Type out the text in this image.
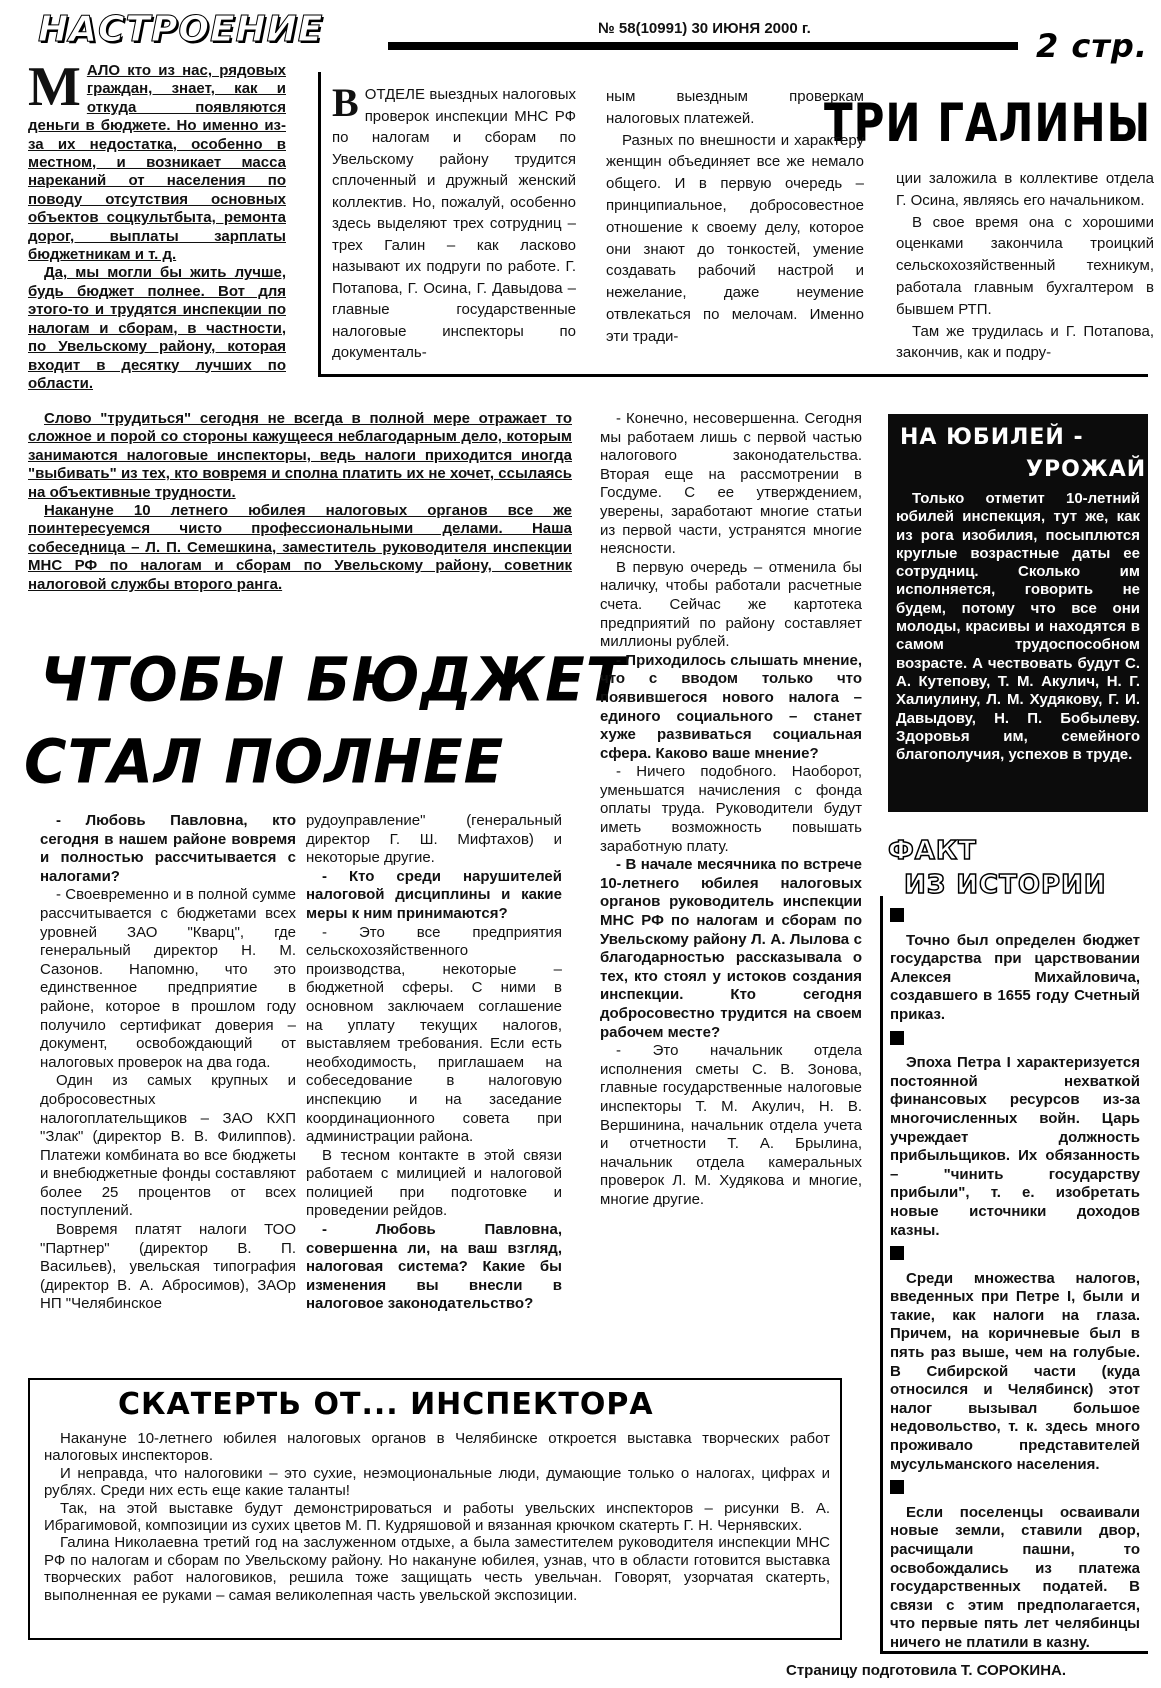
НАСТРОЕНИЕ	№ 58(10991) 30 ИЮНЯ 2000 г.	2 стр.
М АЛО кто из нас, рядовых граждан, знает, как и откуда появляются деньги в бюджете. Но именно из-за их недостатка, особенно в местном, и возникает масса нареканий от населения по поводу отсутствия основных объектов соцкультбыта, ремонта дорог, выплаты зарплаты бюджетникам и т. д.

Да, мы могли бы жить лучше, будь бюджет полнее. Вот для этого-то и трудятся инспекции по налогам и сборам, в частности, по Увельскому району, которая входит в десятку лучших по области.

Слово "трудиться" сегодня не всегда в полной мере отражает то сложное и порой со стороны кажущееся неблагодарным дело, которым занимаются налоговые инспекторы, ведь налоги приходится иногда "выбивать" из тех, кто вовремя и сполна платить их не хочет, ссылаясь на объективные трудности.

Накануне 10 летнего юбилея налоговых органов все же поинтересуемся чисто профессиональными делами. Наша собеседница – Л. П. Семешкина, заместитель руководителя инспекции МНС РФ по налогам и сборам по Увельскому району, советник налоговой службы второго ранга.

ТРИ ГАЛИНЫ
В ОТДЕЛЕ выездных налоговых проверок инспекции МНС РФ по налогам и сборам по Увельскому району трудится сплоченный и дружный женский коллектив. Но, пожалуй, особенно здесь выделяют трех сотрудниц – трех Галин – как ласково называют их подруги по работе. Г. Потапова, Г. Осина, Г. Давыдова – главные государственные налоговые инспекторы по документаль-

ным выездным проверкам налоговых платежей.

Разных по внешности и характеру женщин объединяет все же немало общего. И в первую очередь – принципиальное, добросовестное отношение к своему делу, которое они знают до тонкостей, умение создавать рабочий настрой и нежелание, даже неумение отвлекаться по мелочам. Именно эти тради-

ции заложила в коллективе отдела Г. Осина, являясь его начальником.

В свое время она с хорошими оценками закончила троицкий сельскохозяйственный техникум, работала главным бухгалтером в бывшем РТП.

Там же трудилась и Г. Потапова, закончив, как и подру-

ЧТОБЫ БЮДЖЕТ
СТАЛ ПОЛНЕЕ

- Конечно, несовершенна. Сегодня мы работаем лишь с первой частью налогового законодательства. Вторая еще на рассмотрении в Госдуме. С ее утверждением, уверены, заработают многие статьи из первой части, устранятся многие неясности.

В первую очередь – отменила бы наличку, чтобы работали расчетные счета. Сейчас же картотека предприятий по району составляет миллионы рублей.

- Приходилось слышать мнение, что с вводом только что появившегося нового налога – единого социального – станет хуже развиваться социальная сфера. Каково ваше мнение?

- Ничего подобного. Наоборот, уменьшатся начисления с фонда оплаты труда. Руководители будут иметь возможность повышать заработную плату.

- В начале месячника по встрече 10-летнего юбилея налоговых органов руководитель инспекции МНС РФ по налогам и сборам по Увельскому району Л. А. Лылова с благодарностью рассказывала о тех, кто стоял у истоков создания инспекции. Кто сегодня добросовестно трудится на своем рабочем месте?

- Это начальник отдела исполнения сметы С. В. Зонова, главные государственные налоговые инспекторы Т. М. Акулич, Н. В. Вершинина, начальник отдела учета и отчетности Т. А. Брылина, начальник отдела камеральных проверок Л. М. Худякова и многие, многие другие.

- Любовь Павловна, кто сегодня в нашем районе вовремя и полностью рассчитывается с налогами?

- Своевременно и в полной сумме рассчитывается с бюджетами всех уровней ЗАО "Кварц", где генеральный директор Н. М. Сазонов. Напомню, что это единственное предприятие в районе, которое в прошлом году получило сертификат доверия – документ, освобождающий от налоговых проверок на два года.

Один из самых крупных и добросовестных налогоплательщиков – ЗАО КХП "Злак" (директор В. В. Филиппов). Платежи комбината во все бюджеты и внебюджетные фонды составляют более 25 процентов от всех поступлений.

Вовремя платят налоги ТОО "Партнер" (директор В. П. Васильев), увельская типография (директор В. А. Абросимов), ЗАОр НП "Челябинское

рудоуправление" (генеральный директор Г. Ш. Мифтахов) и некоторые другие.

- Кто среди нарушителей налоговой дисциплины и какие меры к ним принимаются?

- Это все предприятия сельскохозяйственного производства, некоторые – бюджетной сферы. С ними в основном заключаем соглашение на уплату текущих налогов, выставляем требования. Если есть необходимость, приглашаем на собеседование в налоговую инспекцию и на заседание координационного совета при администрации района.

В тесном контакте в этой связи работаем с милицией и налоговой полицией при подготовке и проведении рейдов.

- Любовь Павловна, совершенна ли, на ваш взгляд, налоговая система? Какие бы изменения вы внесли в налоговое законодательство?

НА ЮБИЛЕЙ -
УРОЖАЙ

Только отметит 10-летний юбилей инспекция, тут же, как из рога изобилия, посыплются круглые возрастные даты ее сотрудниц. Сколько им исполняется, говорить не будем, потому что все они молоды, красивы и находятся в самом трудоспособном возрасте. А чествовать будут С. А. Кутепову, Т. М. Акулич, Н. Г. Халиулину, Л. М. Худякову, Г. И. Давыдову, Н. П. Бобылеву. Здоровья им, семейного благополучия, успехов в труде.

ФАКТ
ИЗ ИСТОРИИ

Точно был определен бюджет государства при царствовании Алексея Михайловича, создавшего в 1655 году Счетный приказ.

Эпоха Петра I характеризуется постоянной нехваткой финансовых ресурсов из-за многочисленных войн. Царь учреждает должность прибыльщиков. Их обязанность – "чинить государству прибыли", т. е. изобретать новые источники доходов казны.

Среди множества налогов, введенных при Петре I, были и такие, как налоги на глаза. Причем, на коричневые был в пять раз выше, чем на голубые. В Сибирской части (куда относился и Челябинск) этот налог вызывал большое недовольство, т. к. здесь много проживало представителей мусульманского населения.

Если поселенцы осваивали новые земли, ставили двор, расчищали пашни, то освобождались из платежа государственных податей. В связи с этим предполагается, что первые пять лет челябинцы ничего не платили в казну.

СКАТЕРТЬ ОТ... ИНСПЕКТОРА

Накануне 10-летнего юбилея налоговых органов в Челябинске откроется выставка творческих работ налоговых инспекторов.

И неправда, что налоговики – это сухие, неэмоциональные люди, думающие только о налогах, цифрах и рублях. Среди них есть еще какие таланты!

Так, на этой выставке будут демонстрироваться и работы увельских инспекторов – рисунки В. А. Ибрагимовой, композиции из сухих цветов М. П. Кудряшовой и вязанная крючком скатерть Г. Н. Чернявских.

Галина Николаевна третий год на заслуженном отдыхе, а была заместителем руководителя инспекции МНС РФ по налогам и сборам по Увельскому району. Но накануне юбилея, узнав, что в области готовится выставка творческих работ налоговиков, решила тоже защищать честь увельчан. Говорят, узорчатая скатерть, выполненная ее руками – самая великолепная часть увельской экспозиции.

Страницу подготовила Т. СОРОКИНА.
